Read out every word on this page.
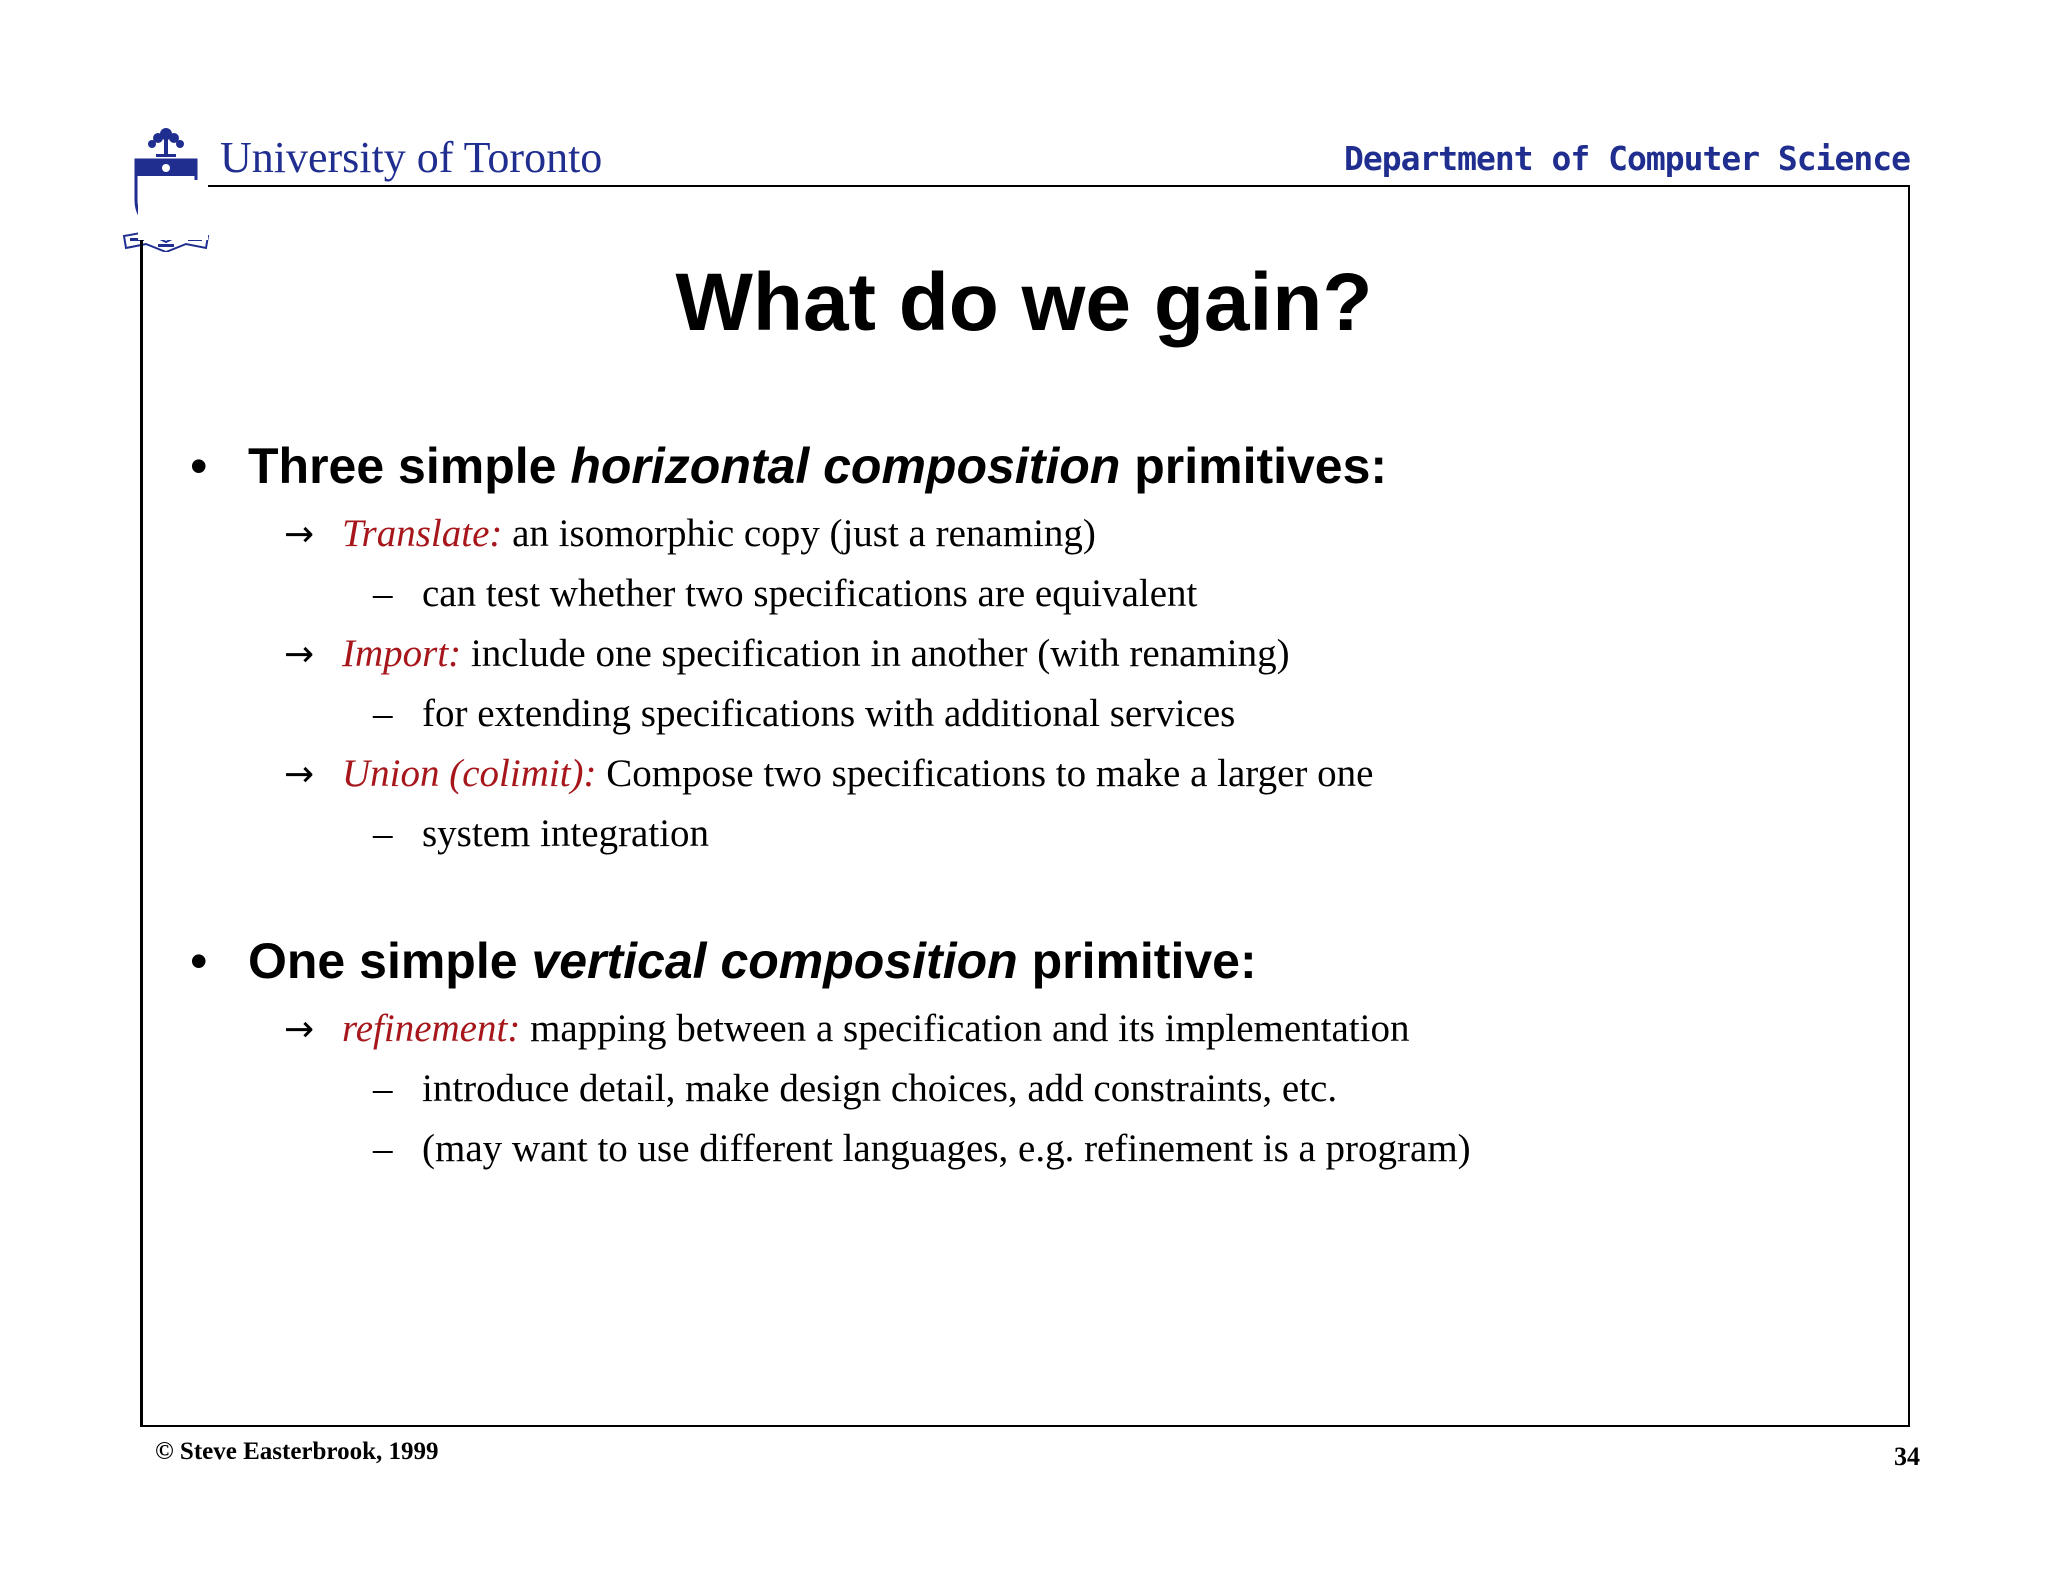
University of Toronto	Department of Computer Science
What do we gain?
• Three simple horizontal composition primitives:
→ Translate: an isomorphic copy (just a renaming)
– can test whether two specifications are equivalent
→ Import: include one specification in another (with renaming)
– for extending specifications with additional services
→ Union (colimit): Compose two specifications to make a larger one
– system integration
• One simple vertical composition primitive:
→ refinement: mapping between a specification and its implementation
– introduce detail, make design choices, add constraints, etc.
– (may want to use different languages, e.g. refinement is a program)
© Steve Easterbrook, 1999	34
